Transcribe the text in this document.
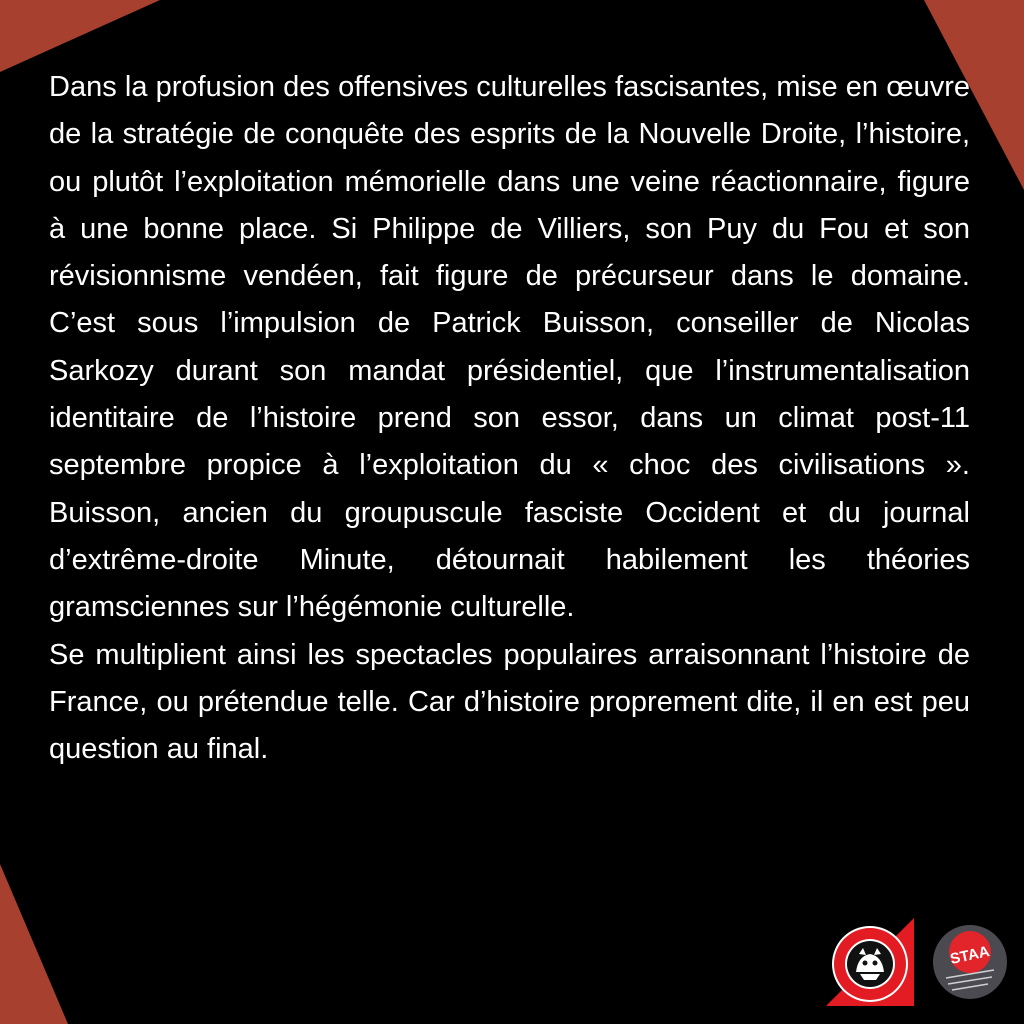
Dans la profusion des offensives culturelles fascisantes, mise en œuvre de la stratégie de conquête des esprits de la Nouvelle Droite, l’histoire, ou plutôt l’exploitation mémorielle dans une veine réactionnaire, figure à une bonne place. Si Philippe de Villiers, son Puy du Fou et son révisionnisme vendéen, fait figure de précurseur dans le domaine. C’est sous l’impulsion de Patrick Buisson, conseiller de Nicolas Sarkozy durant son mandat présidentiel, que l’instrumentalisation identitaire de l’histoire prend son essor, dans un climat post-11 septembre propice à l’exploitation du « choc des civilisations ». Buisson, ancien du groupuscule fasciste Occident et du journal d’extrême-droite Minute, détournait habilement les théories gramsciennes sur l’hégémonie culturelle.

Se multiplient ainsi les spectacles populaires arraisonnant l’histoire de France, ou prétendue telle. Car d’histoire proprement dite, il en est peu question au final.

STAA
